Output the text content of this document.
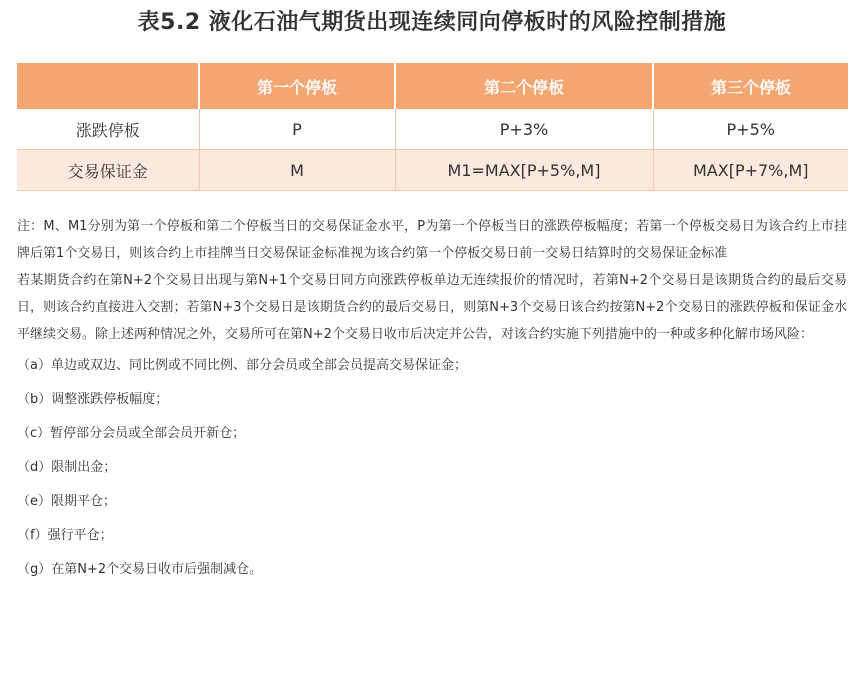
表5.2 液化石油气期货出现连续同向停板时的风险控制措施
	第一个停板	第二个停板	第三个停板
涨跌停板	P	P+3%	P+5%
交易保证金	M	M1=MAX[P+5%,M]	MAX[P+7%,M]

注：M、M1分别为第一个停板和第二个停板当日的交易保证金水平，P为第一个停板当日的涨跌停板幅度；若第一个停板交易日为该合约上市挂牌后第1个交易日，则该合约上市挂牌当日交易保证金标准视为该合约第一个停板交易日前一交易日结算时的交易保证金标准

若某期货合约在第N+2个交易日出现与第N+1个交易日同方向涨跌停板单边无连续报价的情况时，若第N+2个交易日是该期货合约的最后交易日，则该合约直接进入交割；若第N+3个交易日是该期货合约的最后交易日，则第N+3个交易日该合约按第N+2个交易日的涨跌停板和保证金水平继续交易。除上述两种情况之外，交易所可在第N+2个交易日收市后决定并公告，对该合约实施下列措施中的一种或多种化解市场风险：

（a）单边或双边、同比例或不同比例、部分会员或全部会员提高交易保证金；
（b）调整涨跌停板幅度；
（c）暂停部分会员或全部会员开新仓；
（d）限制出金；
（e）限期平仓；
（f）强行平仓；
（g）在第N+2个交易日收市后强制减仓。
